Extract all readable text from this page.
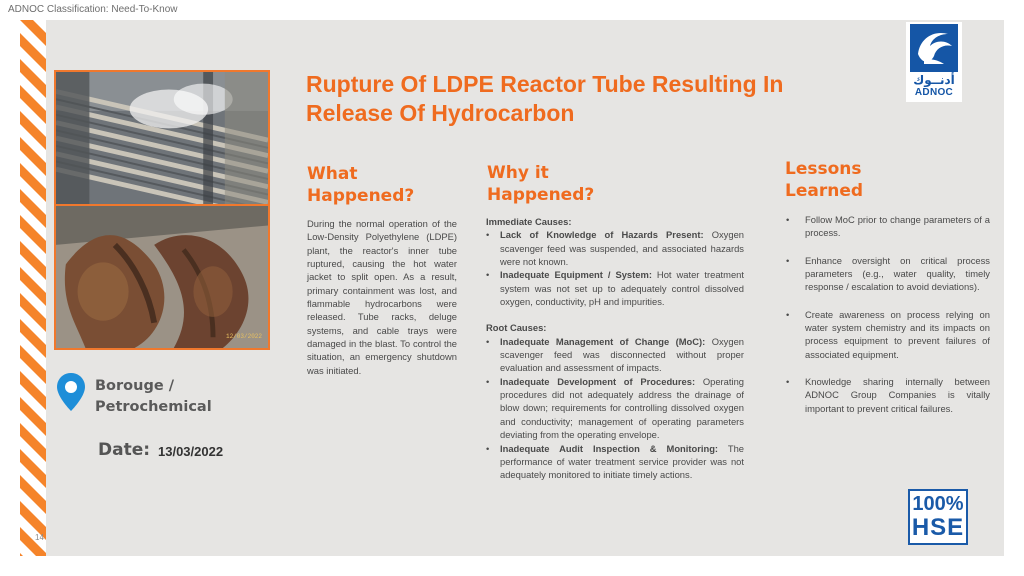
ADNOC Classification: Need-To-Know
12/03/2022
Rupture Of LDPE Reactor Tube Resulting In Release Of Hydrocarbon
What Happened?
During the normal operation of the Low-Density Polyethylene (LDPE) plant, the reactor's inner tube ruptured, causing the hot water jacket to split open. As a result, primary containment was lost, and flammable hydrocarbons were released. Tube racks, deluge systems, and cable trays were damaged in the blast. To control the situation, an emergency shutdown was initiated.
Why it Happened?
Immediate Causes:
• Lack of Knowledge of Hazards Present: Oxygen scavenger feed was suspended, and associated hazards were not known.
• Inadequate Equipment / System: Hot water treatment system was not set up to adequately control dissolved oxygen, conductivity, pH and impurities.
Root Causes:
• Inadequate Management of Change (MoC): Oxygen scavenger feed was disconnected without proper evaluation and assessment of impacts.
• Inadequate Development of Procedures: Operating procedures did not adequately address the drainage of blow down; requirements for controlling dissolved oxygen and conductivity; management of operating parameters deviating from the operating envelope.
• Inadequate Audit Inspection & Monitoring: The performance of water treatment service provider was not adequately monitored to initiate timely actions.
Lessons Learned
• Follow MoC prior to change parameters of a process.
• Enhance oversight on critical process parameters (e.g., water quality, timely response / escalation to avoid deviations).
• Create awareness on process relying on water system chemistry and its impacts on process equipment to prevent failures of associated equipment.
• Knowledge sharing internally between ADNOC Group Companies is vitally important to prevent critical failures.
Borouge /
Petrochemical
Date: 13/03/2022
14
أدنــوك
ADNOC
100%
HSE
